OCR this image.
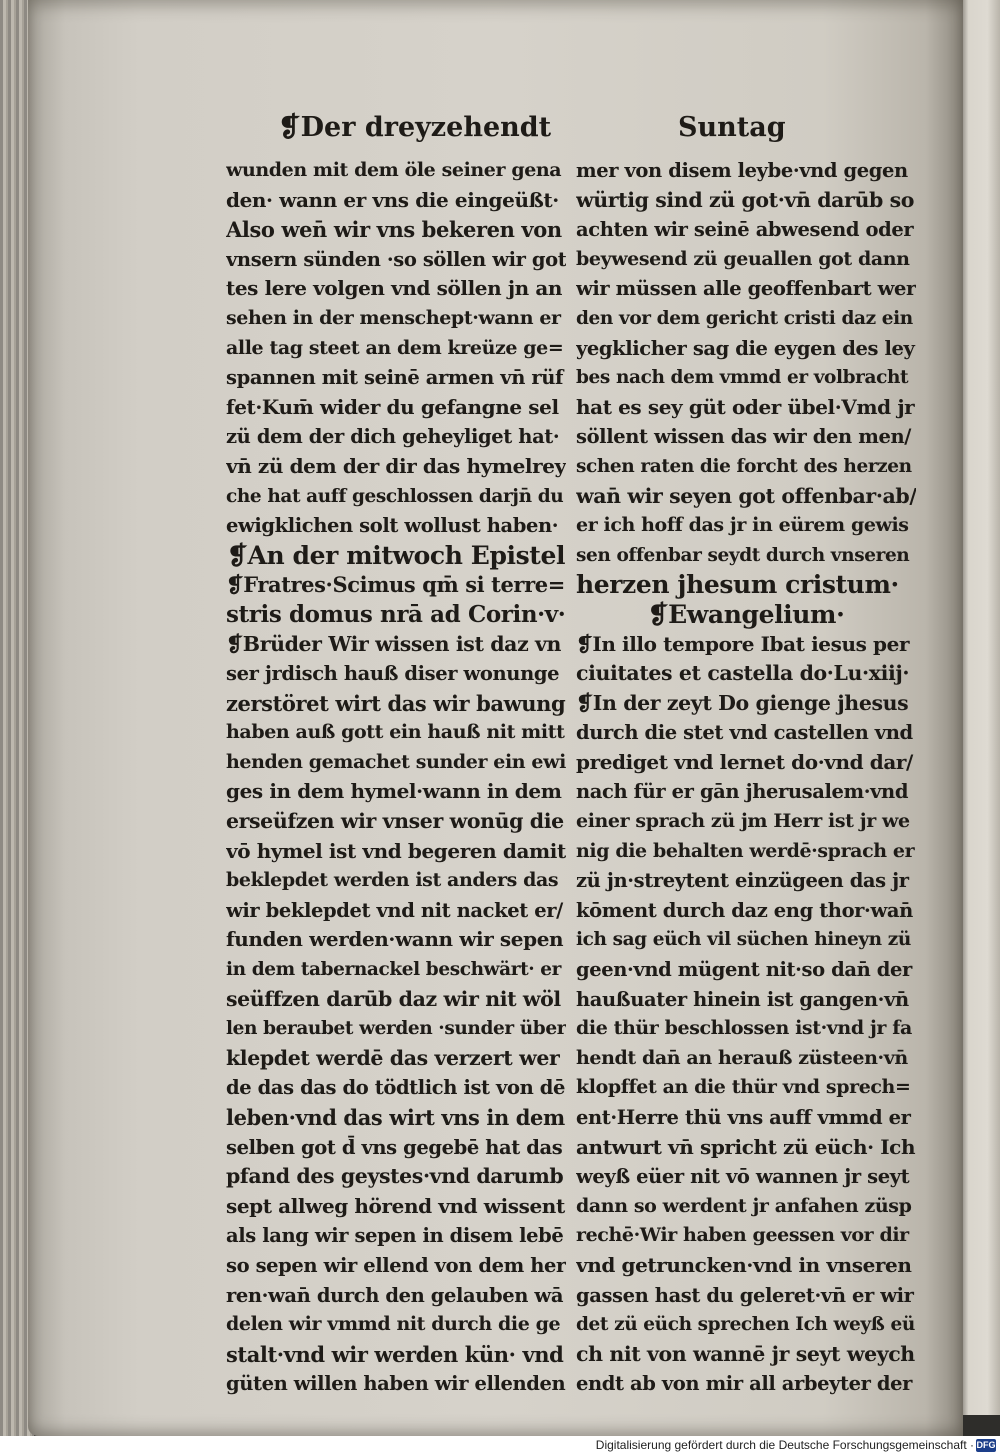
❡Der dreyzehendt	Suntag
wunden mit dem öle seiner gena
den· wann er vns die eingeüßt·
Also wen̄ wir vns bekeren von
vnsern sünden ·so söllen wir got
tes lere volgen vnd söllen jn an
sehen in der menschept·wann er
alle tag steet an dem kreüze ge=
spannen mit seinē armen vn̄ rüf
fet·Kum̄ wider du gefangne sel
zü dem der dich geheyliget hat·
vn̄ zü dem der dir das hymelrey
che hat auff geschlossen darjn̄ du
ewigklichen solt wollust haben·
❡An der mitwoch Epistel
❡Fratres·Scimus qm̄ si terre=
stris domus nrā ad Corin·v·
❡Brüder Wir wissen ist daz vn
ser jrdisch hauß diser wonunge
zerstöret wirt das wir bawung
haben auß gott ein hauß nit mitt
henden gemachet sunder ein ewi
ges in dem hymel·wann in dem
erseüfzen wir vnser wonūg die
vō hymel ist vnd begeren damit
beklepdet werden ist anders das
wir beklepdet vnd nit nacket er/
funden werden·wann wir sepen
in dem tabernackel beschwärt· er
seüffzen darūb daz wir nit wöl
len beraubet werden ·sunder über
klepdet werdē das verzert wer
de das das do tödtlich ist von dē
leben·vnd das wirt vns in dem
selben got d̄ vns gegebē hat das
pfand des geystes·vnd darumb
sept allweg hörend vnd wissent
als lang wir sepen in disem lebē
so sepen wir ellend von dem her
ren·wan̄ durch den gelauben wā
delen wir vmmd nit durch die ge
stalt·vnd wir werden kün· vnd
güten willen haben wir ellenden
mer von disem leybe·vnd gegen
würtig sind zü got·vn̄ darūb so
achten wir seinē abwesend oder
beywesend zü geuallen got dann
wir müssen alle geoffenbart wer
den vor dem gericht cristi daz ein
yegklicher sag die eygen des ley
bes nach dem vmmd er volbracht
hat es sey güt oder übel·Vmd jr
söllent wissen das wir den men/
schen raten die forcht des herzen
wan̄ wir seyen got offenbar·ab/
er ich hoff das jr in eürem gewis
sen offenbar seydt durch vnseren
herzen jhesum cristum·
❡Ewangelium·
❡In illo tempore Ibat iesus per
ciuitates et castella do·Lu·xiij·
❡In der zeyt Do gienge jhesus
durch die stet vnd castellen vnd
prediget vnd lernet do·vnd dar/
nach für er gān jherusalem·vnd
einer sprach zü jm Herr ist jr we
nig die behalten werdē·sprach er
zü jn·streytent einzügeen das jr
kōment durch daz eng thor·wan̄
ich sag eüch vil süchen hineyn zü
geen·vnd mügent nit·so dan̄ der
haußuater hinein ist gangen·vn̄
die thür beschlossen ist·vnd jr fa
hendt dan̄ an herauß züsteen·vn̄
klopffet an die thür vnd sprech=
ent·Herre thü vns auff vmmd er
antwurt vn̄ spricht zü eüch· Ich
weyß eüer nit vō wannen jr seyt
dann so werdent jr anfahen züsp
rechē·Wir haben geessen vor dir
vnd getruncken·vnd in vnseren
gassen hast du geleret·vn̄ er wir
det zü eüch sprechen Ich weyß eü
ch nit von wannē jr seyt weych
endt ab von mir all arbeyter der
Digitalisierung gefördert durch die Deutsche Forschungsgemeinschaft · DFG
